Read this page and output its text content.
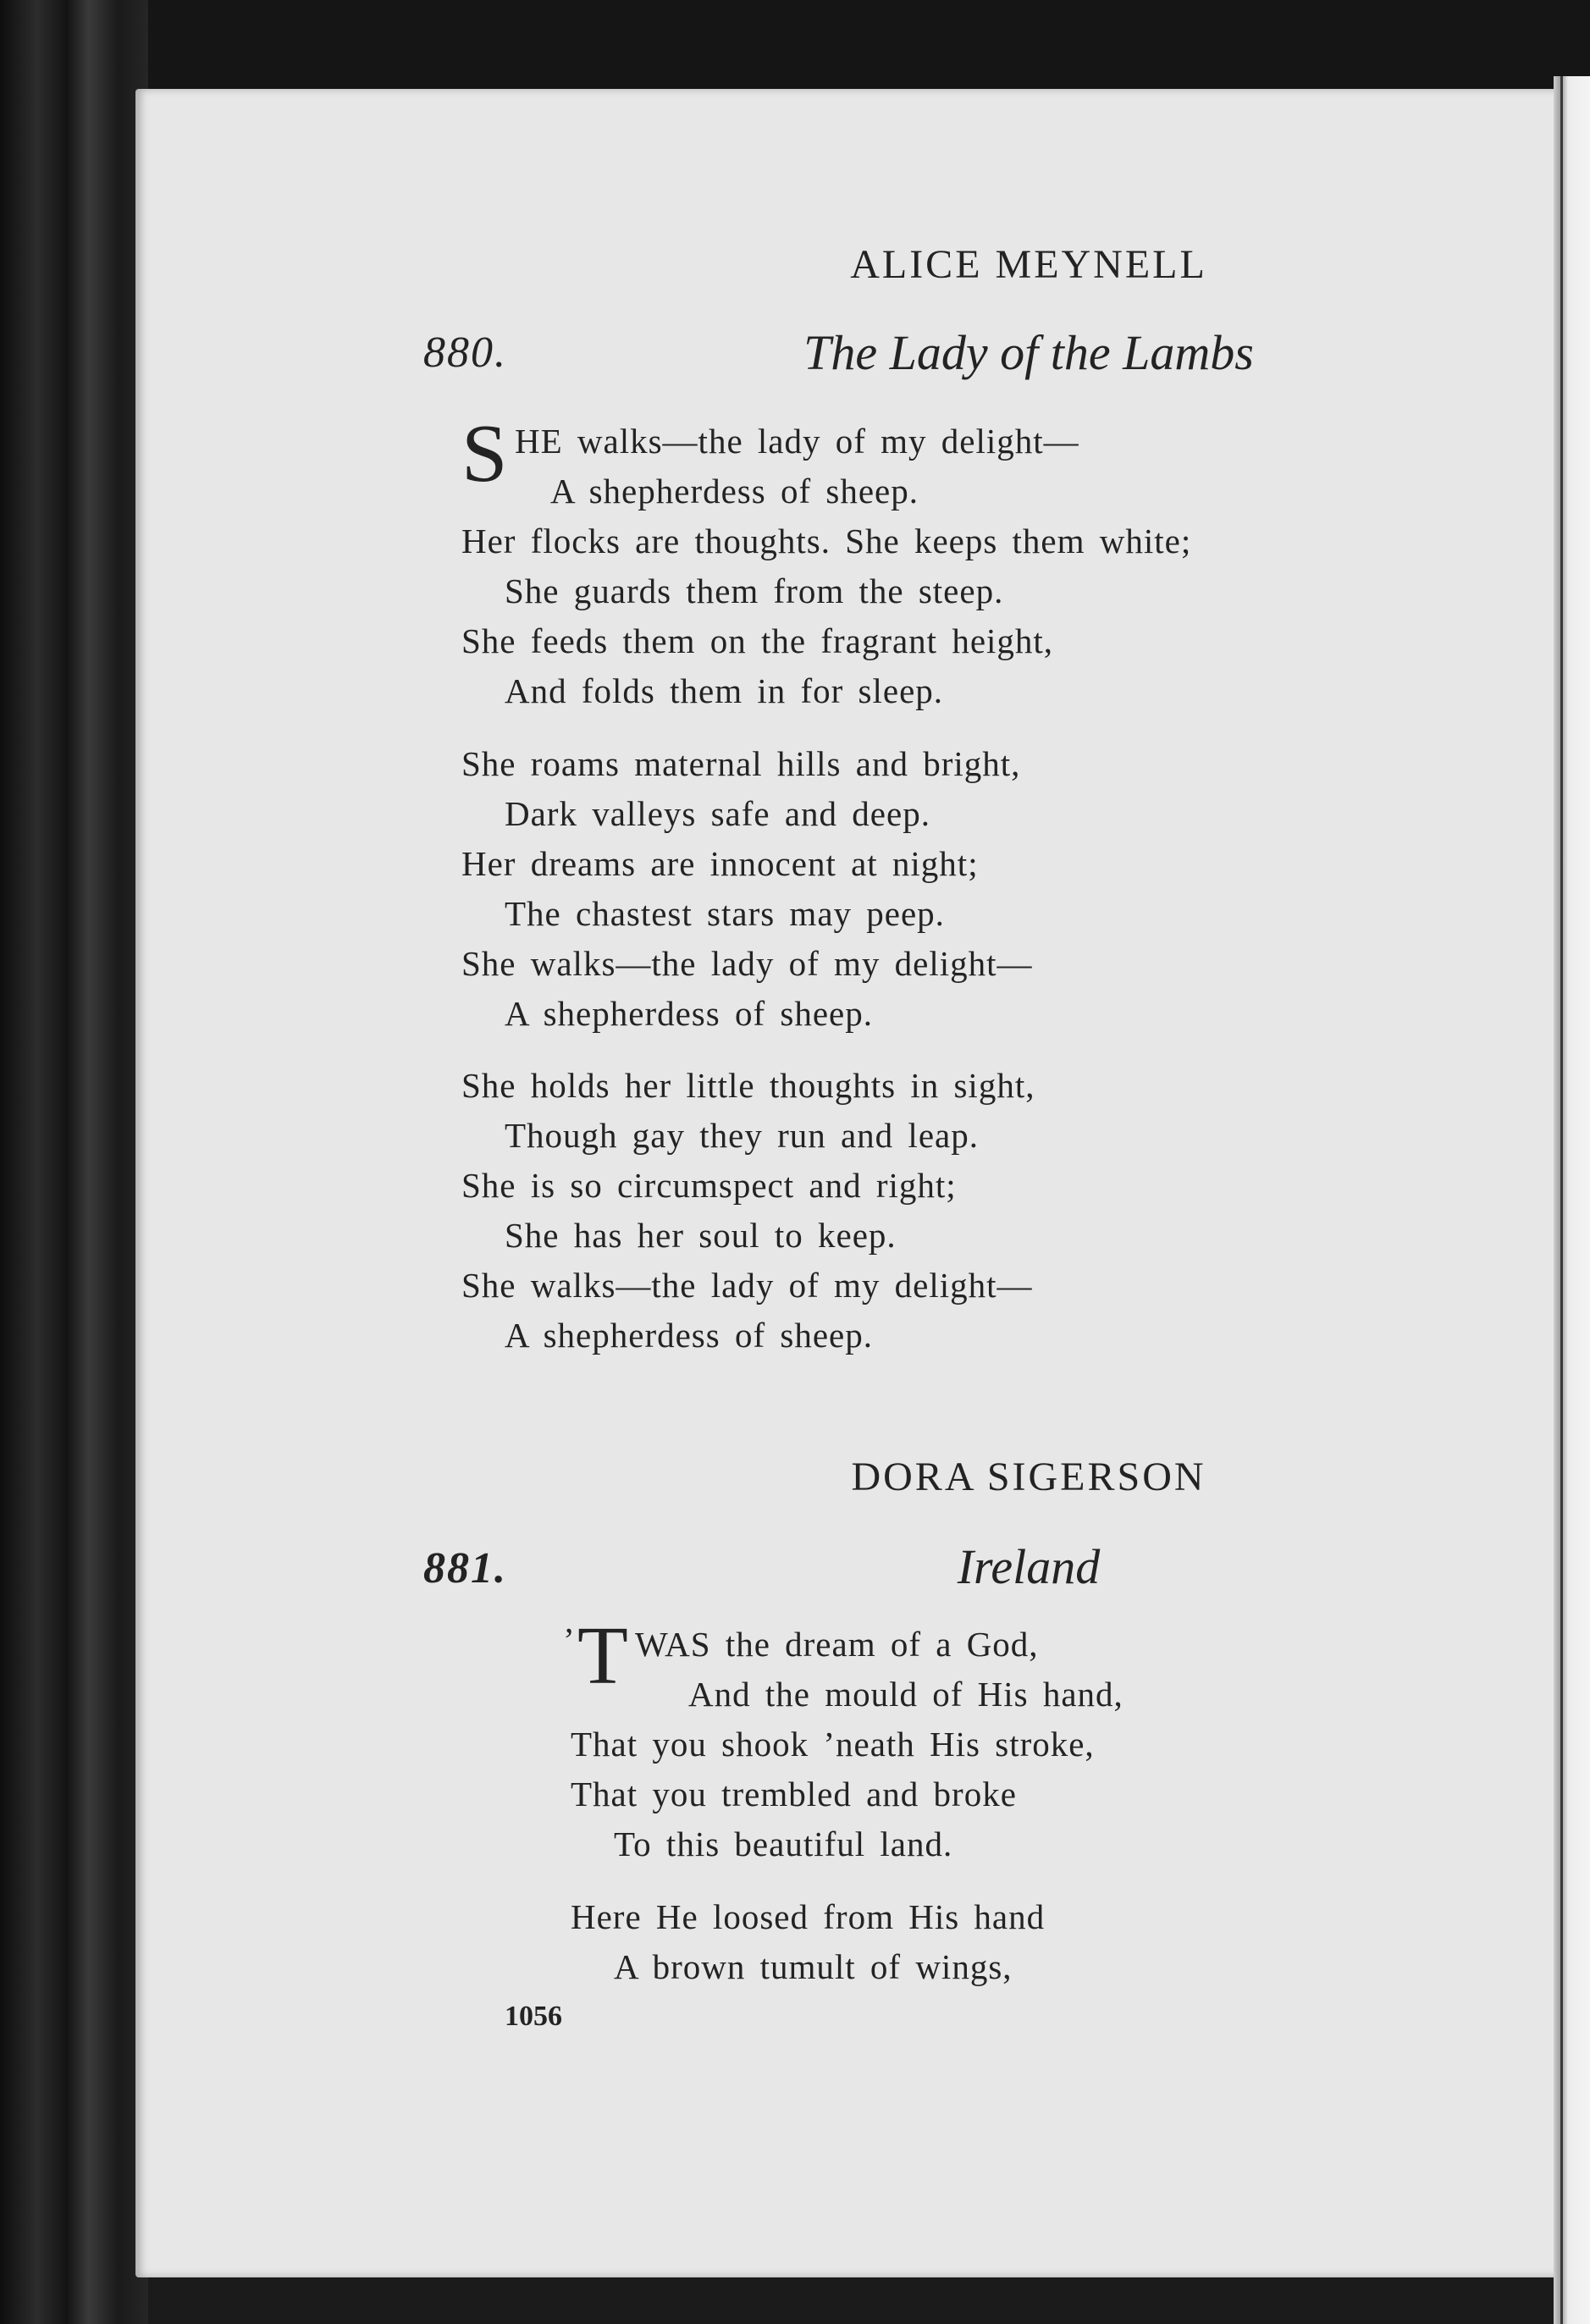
ALICE MEYNELL
880.	The Lady of the Lambs
S HE walks—the lady of my delight—
A shepherdess of sheep.
Her flocks are thoughts. She keeps them white;
She guards them from the steep.
She feeds them on the fragrant height,
And folds them in for sleep.
She roams maternal hills and bright,
Dark valleys safe and deep.
Her dreams are innocent at night;
The chastest stars may peep.
She walks—the lady of my delight—
A shepherdess of sheep.
She holds her little thoughts in sight,
Though gay they run and leap.
She is so circumspect and right;
She has her soul to keep.
She walks—the lady of my delight—
A shepherdess of sheep.
DORA SIGERSON
881.	Ireland
’ T WAS the dream of a God,
And the mould of His hand,
That you shook ’neath His stroke,
That you trembled and broke
To this beautiful land.
Here He loosed from His hand
A brown tumult of wings,
1056
